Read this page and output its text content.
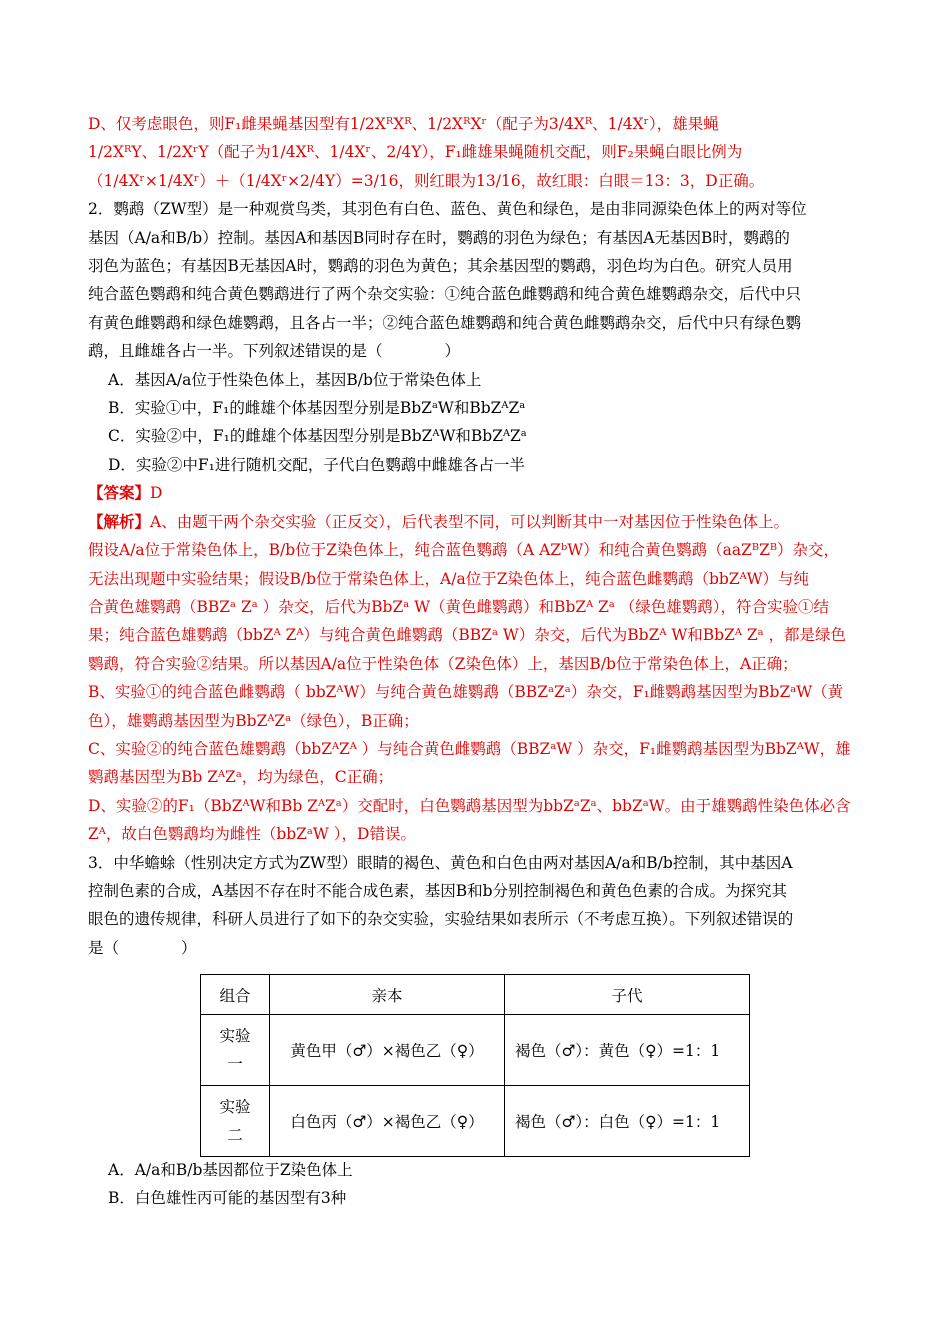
D、仅考虑眼色，则F₁雌果蝇基因型有1/2XᴿXᴿ、1/2XᴿXʳ（配子为3/4Xᴿ、1/4Xʳ），雄果蝇
1/2XᴿY、1/2XʳY（配子为1/4Xᴿ、1/4Xʳ、2/4Y），F₁雌雄果蝇随机交配，则F₂果蝇白眼比例为
（1/4Xʳ×1/4Xʳ）＋（1/4Xʳ×2/4Y）=3/16，则红眼为13/16，故红眼：白眼＝13：3，D正确。
2．鹦鹉（ZW型）是一种观赏鸟类，其羽色有白色、蓝色、黄色和绿色，是由非同源染色体上的两对等位
基因（A/a和B/b）控制。基因A和基因B同时存在时，鹦鹉的羽色为绿色；有基因A无基因B时，鹦鹉的
羽色为蓝色；有基因B无基因A时，鹦鹉的羽色为黄色；其余基因型的鹦鹉，羽色均为白色。研究人员用
纯合蓝色鹦鹉和纯合黄色鹦鹉进行了两个杂交实验：①纯合蓝色雌鹦鹉和纯合黄色雄鹦鹉杂交，后代中只
有黄色雌鹦鹉和绿色雄鹦鹉，且各占一半；②纯合蓝色雄鹦鹉和纯合黄色雌鹦鹉杂交，后代中只有绿色鹦
鹉，且雌雄各占一半。下列叙述错误的是（　　　　）
A．基因A/a位于性染色体上，基因B/b位于常染色体上
B．实验①中，F₁的雌雄个体基因型分别是BbZᵃW和BbZᴬZᵃ
C．实验②中，F₁的雌雄个体基因型分别是BbZᴬW和BbZᴬZᵃ
D．实验②中F₁进行随机交配，子代白色鹦鹉中雌雄各占一半
【答案】D
【解析】A、由题干两个杂交实验（正反交），后代表型不同，可以判断其中一对基因位于性染色体上。
假设A/a位于常染色体上，B/b位于Z染色体上，纯合蓝色鹦鹉（A AZᵇW）和纯合黄色鹦鹉（aaZᴮZᴮ）杂交，
无法出现题中实验结果；假设B/b位于常染色体上，A/a位于Z染色体上，纯合蓝色雌鹦鹉（bbZᴬW）与纯
合黄色雄鹦鹉（BBZᵃ Zᵃ ）杂交，后代为BbZᵃ W（黄色雌鹦鹉）和BbZᴬ Zᵃ （绿色雄鹦鹉），符合实验①结
果；纯合蓝色雄鹦鹉（bbZᴬ Zᴬ）与纯合黄色雌鹦鹉（BBZᵃ W）杂交，后代为BbZᴬ W和BbZᴬ Zᵃ ，都是绿色
鹦鹉，符合实验②结果。所以基因A/a位于性染色体（Z染色体）上，基因B/b位于常染色体上，A正确；
B、实验①的纯合蓝色雌鹦鹉（ bbZᴬW）与纯合黄色雄鹦鹉（BBZᵃZᵃ）杂交，F₁雌鹦鹉基因型为BbZᵃW（黄
色），雄鹦鹉基因型为BbZᴬZᵃ（绿色），B正确；
C、实验②的纯合蓝色雄鹦鹉（bbZᴬZᴬ ）与纯合黄色雌鹦鹉（BBZᵃW ）杂交，F₁雌鹦鹉基因型为BbZᴬW，雄
鹦鹉基因型为Bb ZᴬZᵃ，均为绿色，C正确；
D、实验②的F₁（BbZᴬW和Bb ZᴬZᵃ）交配时，白色鹦鹉基因型为bbZᵃZᵃ、bbZᵃW。由于雄鹦鹉性染色体必含
Zᴬ，故白色鹦鹉均为雌性（bbZᵃW ），D错误。
3．中华蟾蜍（性别决定方式为ZW型）眼睛的褐色、黄色和白色由两对基因A/a和B/b控制，其中基因A
控制色素的合成，A基因不存在时不能合成色素，基因B和b分别控制褐色和黄色色素的合成。为探究其
眼色的遗传规律，科研人员进行了如下的杂交实验，实验结果如表所示（不考虑互换）。下列叙述错误的
是（　　　　）
组合	亲本	子代

实验
一	黄色甲（♂）×褐色乙（♀）	褐色（♂）：黄色（♀）=1：1

实验
二	白色丙（♂）×褐色乙（♀）	褐色（♂）：白色（♀）=1：1
A．A/a和B/b基因都位于Z染色体上
B．白色雄性丙可能的基因型有3种
